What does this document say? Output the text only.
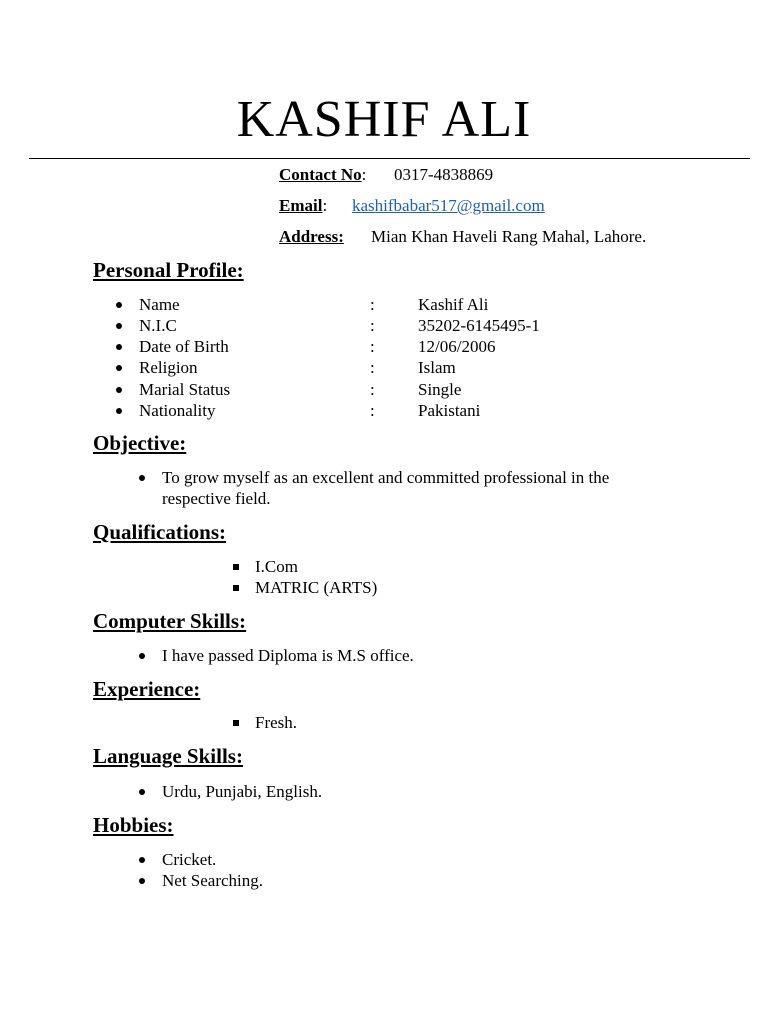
KASHIF ALI
Contact No: 0317-4838869
Email: kashifbabar517@gmail.com
Address: Mian Khan Haveli Rang Mahal, Lahore.
Personal Profile:
Name	:	Kashif Ali
N.I.C	:	35202-6145495-1
Date of Birth	:	12/06/2006
Religion	:	Islam
Marial Status	:	Single
Nationality	:	Pakistani
Objective:
To grow myself as an excellent and committed professional in the
respective field.
Qualifications:
I.Com
MATRIC (ARTS)
Computer Skills:
I have passed Diploma is M.S office.
Experience:
Fresh.
Language Skills:
Urdu, Punjabi, English.
Hobbies:
Cricket.
Net Searching.
